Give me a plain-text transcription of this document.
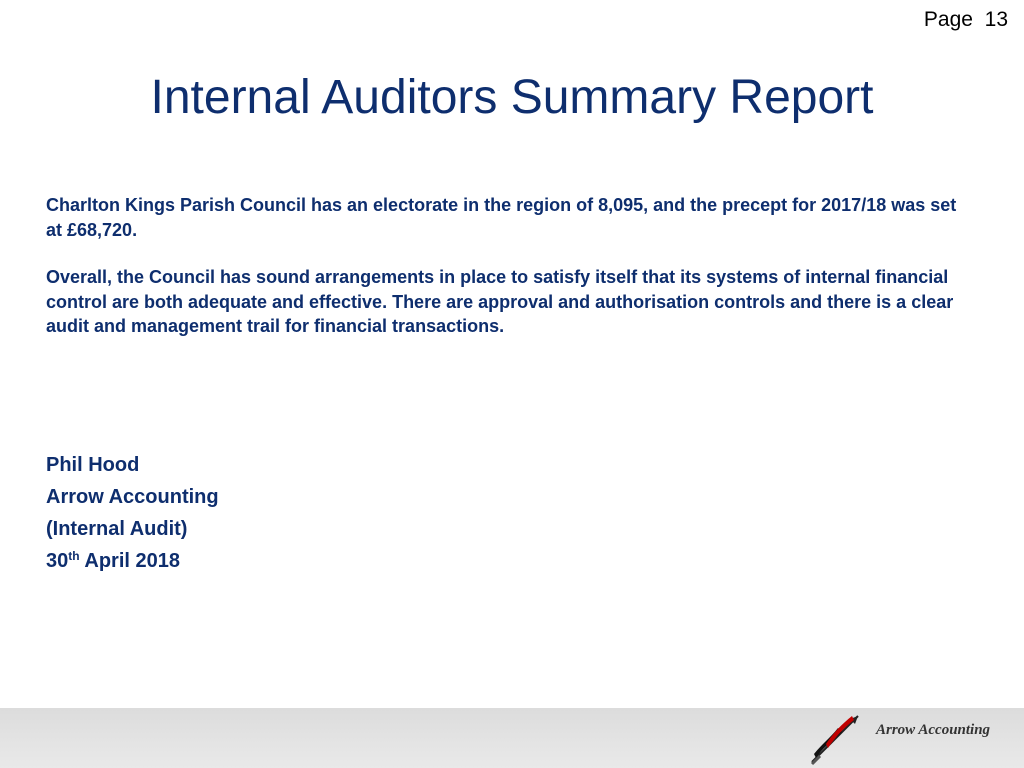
Page 13
Internal Auditors Summary Report

Charlton Kings Parish Council has an electorate in the region of 8,095, and the precept for 2017/18 was set at £68,720.

Overall, the Council has sound arrangements in place to satisfy itself that its systems of internal financial control are both adequate and effective. There are approval and authorisation controls and there is a clear audit and management trail for financial transactions.

Phil Hood
Arrow Accounting
(Internal Audit)
30th April 2018
Arrow Accounting
